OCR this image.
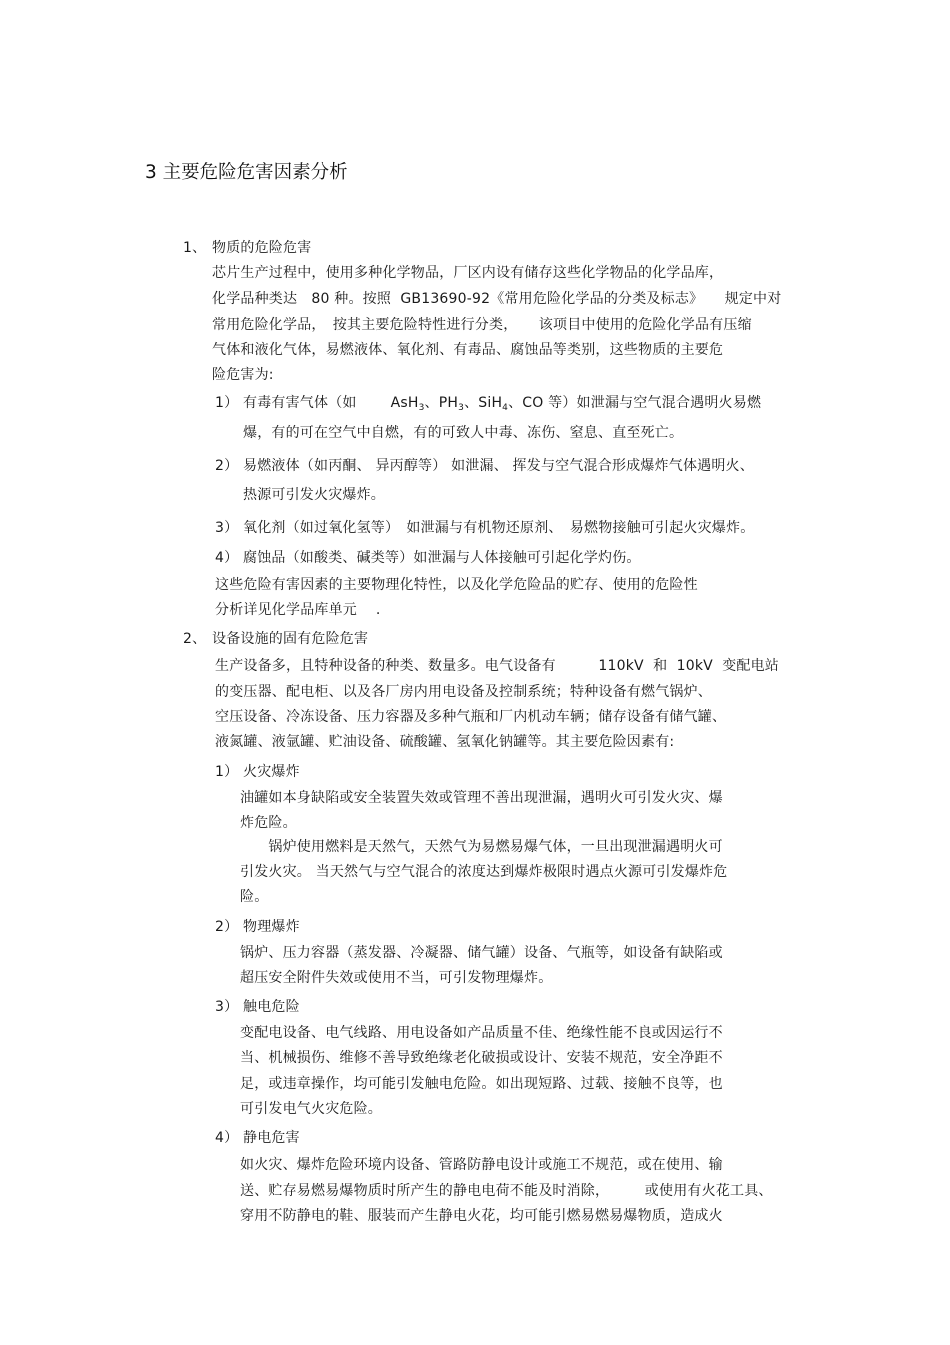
3 主要危险危害因素分析
1、 物质的危险危害
芯片生产过程中，使用多种化学物品，厂区内设有储存这些化学物品的化学品库，
化学品种类达　80 种。按照  GB13690-92《常用危险化学品的分类及标志》　　规定中对
常用危险化学品，　按其主要危险特性进行分类，　　该项目中使用的危险化学品有压缩
气体和液化气体，易燃液体、氧化剂、有毒品、腐蚀品等类别，这些物质的主要危
险危害为:
1） 有毒有害气体（如 AsH$_3$、$PH_3$、SiH$_4$、CO 等）如泄漏与空气混合遇明火易燃
爆，有的可在空气中自燃，有的可致人中毒、冻伤、窒息、直至死亡。
2） 易燃液体（如丙酮、 异丙醇等） 如泄漏、 挥发与空气混合形成爆炸气体遇明火、
热源可引发火灾爆炸。
3） 氧化剂（如过氧化氢等）　如泄漏与有机物还原剂、　易燃物接触可引起火灾爆炸。
4） 腐蚀品（如酸类、碱类等）如泄漏与人体接触可引起化学灼伤。
这些危险有害因素的主要物理化特性，以及化学危险品的贮存、使用的危险性
分析详见化学品库单元　 .
2、 设备设施的固有危险危害
生产设备多，且特种设备的种类、数量多。电气设备有　　　110kV  和  10kV  变配电站
的变压器、配电柜、以及各厂房内用电设备及控制系统；特种设备有燃气锅炉、
空压设备、冷冻设备、压力容器及多种气瓶和厂内机动车辆；储存设备有储气罐、
液氮罐、液氩罐、贮油设备、硫酸罐、氢氧化钠罐等。其主要危险因素有:
1） 火灾爆炸
油罐如本身缺陷或安全装置失效或管理不善出现泄漏，遇明火可引发火灾、爆
炸危险。
　　锅炉使用燃料是天然气，天然气为易燃易爆气体，一旦出现泄漏遇明火可
引发火灾。 当天然气与空气混合的浓度达到爆炸极限时遇点火源可引发爆炸危
险。
2） 物理爆炸
锅炉、压力容器（蒸发器、冷凝器、储气罐）设备、气瓶等，如设备有缺陷或
超压安全附件失效或使用不当，可引发物理爆炸。
3） 触电危险
变配电设备、电气线路、用电设备如产品质量不佳、绝缘性能不良或因运行不
当、机械损伤、维修不善导致绝缘老化破损或设计、安装不规范，安全净距不
足，或违章操作，均可能引发触电危险。如出现短路、过载、接触不良等，也
可引发电气火灾危险。
4） 静电危害
如火灾、爆炸危险环境内设备、管路防静电设计或施工不规范，或在使用、输
送、贮存易燃易爆物质时所产生的静电电荷不能及时消除，　　　或使用有火花工具、
穿用不防静电的鞋、服装而产生静电火花，均可能引燃易燃易爆物质，造成火
